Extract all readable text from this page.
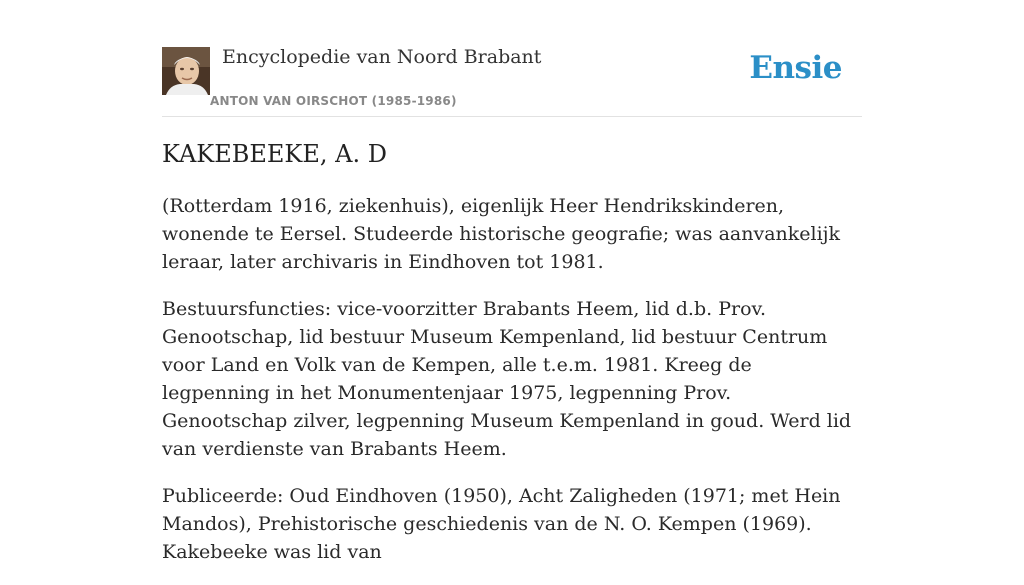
Encyclopedie van Noord Brabant
ANTON VAN OIRSCHOT (1985-1986)
Ensie
KAKEBEEKE, A. D

(Rotterdam 1916, ziekenhuis), eigenlijk Heer Hendrikskinderen, wonende te Eersel. Studeerde historische geografie; was aanvankelijk leraar, later archivaris in Eindhoven tot 1981.

Bestuursfuncties: vice-voorzitter Brabants Heem, lid d.b. Prov. Genootschap, lid bestuur Museum Kempenland, lid bestuur Centrum voor Land en Volk van de Kempen, alle t.e.m. 1981. Kreeg de legpenning in het Monumentenjaar 1975, legpenning Prov. Genootschap zilver, legpenning Museum Kempenland in goud. Werd lid van verdienste van Brabants Heem.

Publiceerde: Oud Eindhoven (1950), Acht Zaligheden (1971; met Hein Mandos), Prehistorische geschiedenis van de N. O. Kempen (1969). Kakebeeke was lid van
